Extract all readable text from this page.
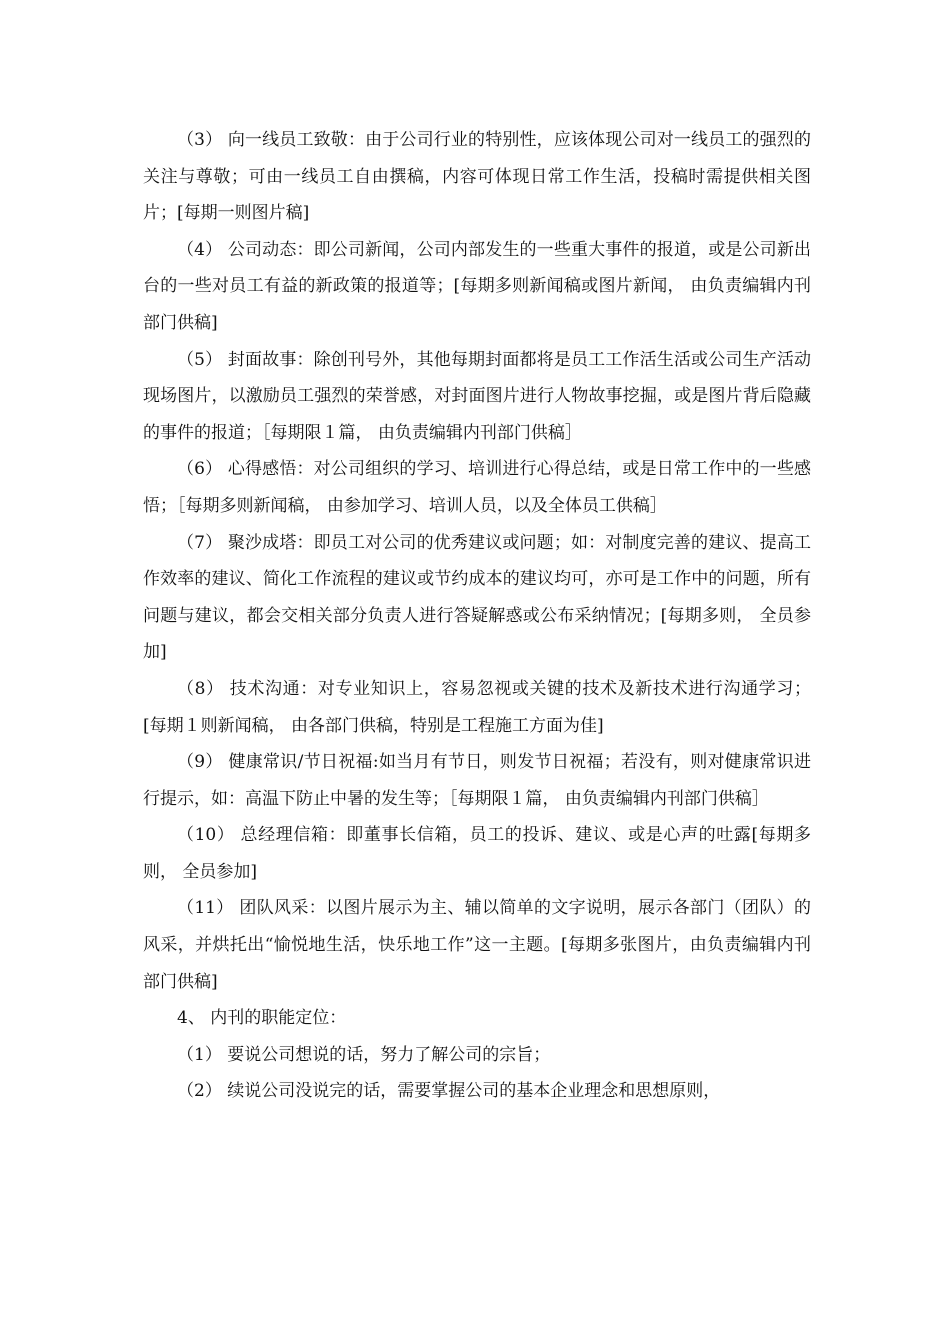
（3） 向一线员工致敬：由于公司行业的特别性，应该体现公司对一线员工的强烈的关注与尊敬；可由一线员工自由撰稿，内容可体现日常工作生活，投稿时需提供相关图片；[每期一则图片稿]

（4） 公司动态：即公司新闻，公司内部发生的一些重大事件的报道，或是公司新出台的一些对员工有益的新政策的报道等；[每期多则新闻稿或图片新闻， 由负责编辑内刊部门供稿]

（5） 封面故事：除创刊号外，其他每期封面都将是员工工作活生活或公司生产活动现场图片，以激励员工强烈的荣誉感，对封面图片进行人物故事挖掘，或是图片背后隐藏的事件的报道；［每期限１篇， 由负责编辑内刊部门供稿］

（6） 心得感悟：对公司组织的学习、培训进行心得总结，或是日常工作中的一些感悟；［每期多则新闻稿， 由参加学习、培训人员，以及全体员工供稿］

（7） 聚沙成塔：即员工对公司的优秀建议或问题；如：对制度完善的建议、提高工作效率的建议、简化工作流程的建议或节约成本的建议均可，亦可是工作中的问题，所有问题与建议，都会交相关部分负责人进行答疑解惑或公布采纳情况；[每期多则， 全员参加]

（8） 技术沟通：对专业知识上，容易忽视或关键的技术及新技术进行沟通学习；[每期１则新闻稿， 由各部门供稿，特别是工程施工方面为佳]

（9） 健康常识/节日祝福:如当月有节日，则发节日祝福；若没有，则对健康常识进行提示，如：高温下防止中暑的发生等；［每期限１篇， 由负责编辑内刊部门供稿］

（10） 总经理信箱：即董事长信箱，员工的投诉、建议、或是心声的吐露[每期多则， 全员参加]

（11） 团队风采：以图片展示为主、辅以简单的文字说明，展示各部门（团队）的风采，并烘托出“愉悦地生活，快乐地工作”这一主题。[每期多张图片，由负责编辑内刊部门供稿]

4、 内刊的职能定位：

（1） 要说公司想说的话，努力了解公司的宗旨；

（2） 续说公司没说完的话，需要掌握公司的基本企业理念和思想原则，
